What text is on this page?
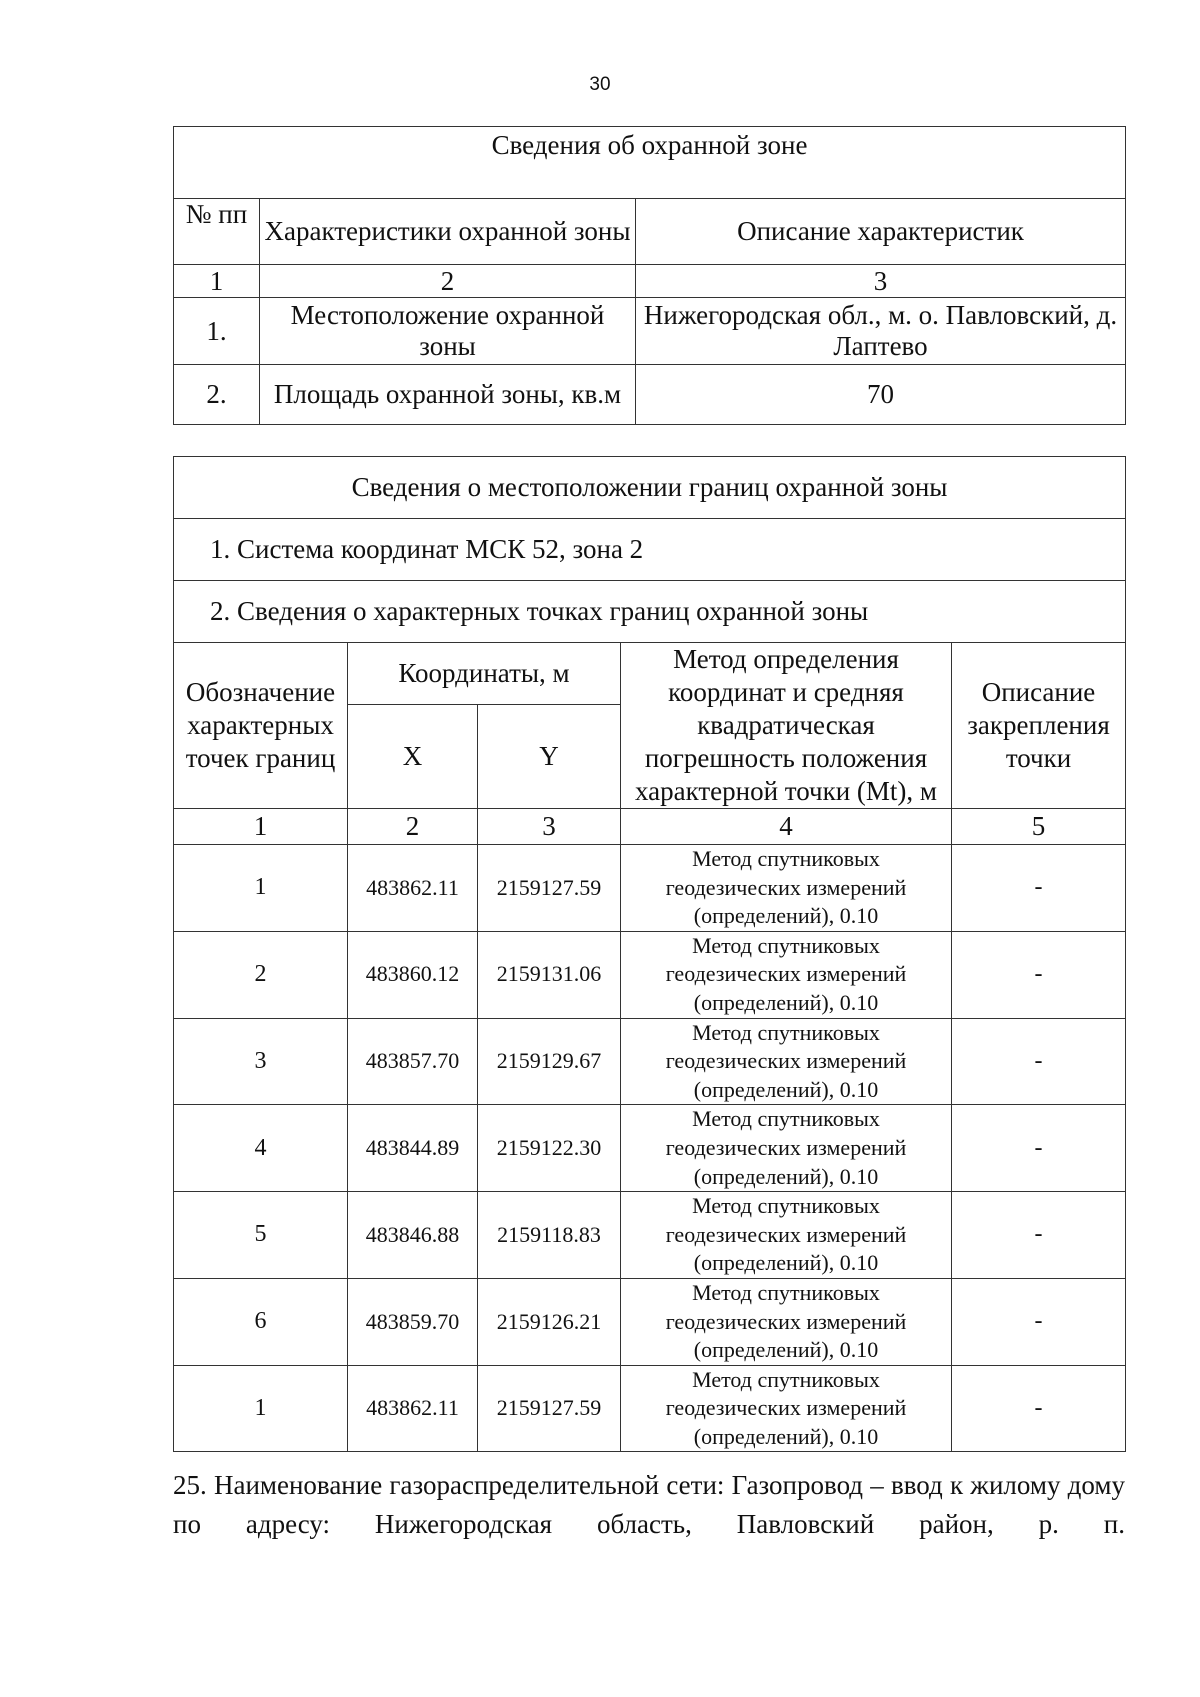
30
Сведения об охранной зоне		
№ пп	Характеристики охранной зоны	Описание характеристик
1	2	3
1.	Местоположение охранной зоны	Нижегородская обл., м. о. Павловский, д. Лаптево
2.	Площадь охранной зоны, кв.м	70
Сведения о местоположении границ охранной зоны				
1. Система координат МСК 52, зона 2				
2. Сведения о характерных точках границ охранной зоны				
Обозначение характерных точек границ	Координаты, м		Метод определения координат и средняя квадратическая погрешность положения характерной точки (Mt), м	Описание закрепления точки
	X	Y		
1	2	3	4	5
1	483862.11	2159127.59	Метод спутниковых геодезических измерений (определений), 0.10	-
2	483860.12	2159131.06	Метод спутниковых геодезических измерений (определений), 0.10	-
3	483857.70	2159129.67	Метод спутниковых геодезических измерений (определений), 0.10	-
4	483844.89	2159122.30	Метод спутниковых геодезических измерений (определений), 0.10	-
5	483846.88	2159118.83	Метод спутниковых геодезических измерений (определений), 0.10	-
6	483859.70	2159126.21	Метод спутниковых геодезических измерений (определений), 0.10	-
1	483862.11	2159127.59	Метод спутниковых геодезических измерений (определений), 0.10	-
25. Наименование газораспределительной сети: Газопровод – ввод к жилому дому по адресу: Нижегородская область, Павловский район, р. п.
